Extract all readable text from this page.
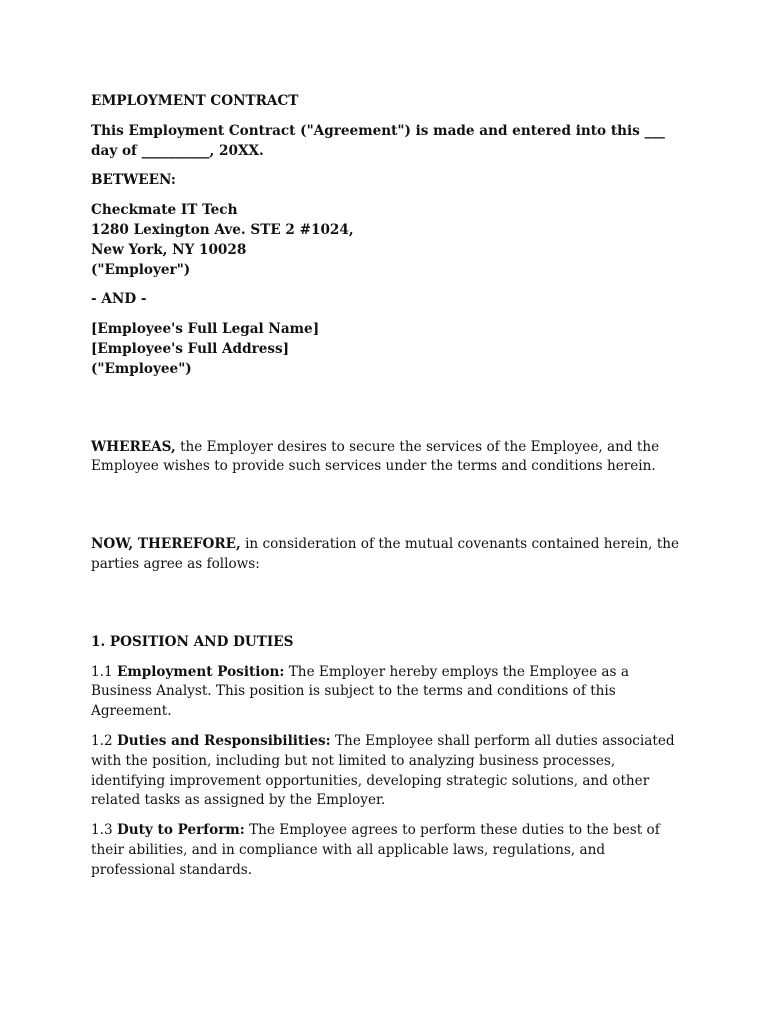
EMPLOYMENT CONTRACT

This Employment Contract ("Agreement") is made and entered into this ___ day of __________, 20XX.

BETWEEN:

Checkmate IT Tech
1280 Lexington Ave. STE 2 #1024,
New York, NY 10028
("Employer")

- AND -

[Employee's Full Legal Name]
[Employee's Full Address]
("Employee")

WHEREAS, the Employer desires to secure the services of the Employee, and the Employee wishes to provide such services under the terms and conditions herein.

NOW, THEREFORE, in consideration of the mutual covenants contained herein, the parties agree as follows:

1. POSITION AND DUTIES

1.1 Employment Position: The Employer hereby employs the Employee as a Business Analyst. This position is subject to the terms and conditions of this Agreement.

1.2 Duties and Responsibilities: The Employee shall perform all duties associated with the position, including but not limited to analyzing business processes, identifying improvement opportunities, developing strategic solutions, and other related tasks as assigned by the Employer.

1.3 Duty to Perform: The Employee agrees to perform these duties to the best of their abilities, and in compliance with all applicable laws, regulations, and professional standards.
